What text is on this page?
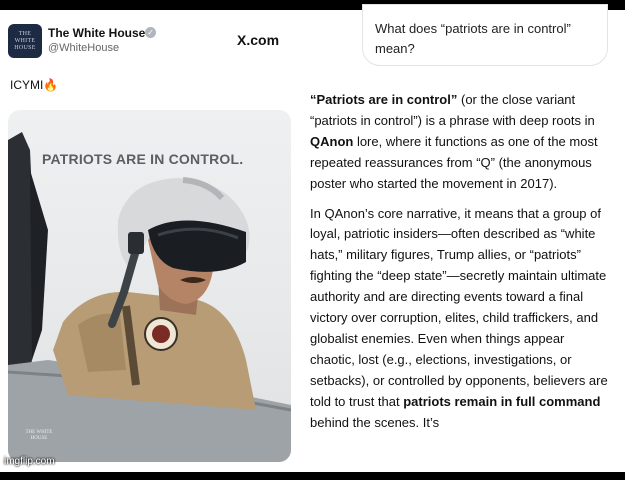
THE WHITE HOUSE
The White House ✓
@WhiteHouse	X.com
ICYMI🔥
PATRIOTS ARE IN CONTROL.
THE WHITE HOUSE
imgflip.com
What does “patriots are in control” mean?

“Patriots are in control” (or the close variant “patriots in control”) is a phrase with deep roots in QAnon lore, where it functions as one of the most repeated reassurances from “Q” (the anonymous poster who started the movement in 2017).

In QAnon’s core narrative, it means that a group of loyal, patriotic insiders—often described as “white hats,” military figures, Trump allies, or “patriots” fighting the “deep state”—secretly maintain ultimate authority and are directing events toward a final victory over corruption, elites, child traffickers, and globalist enemies. Even when things appear chaotic, lost (e.g., elections, investigations, or setbacks), or controlled by opponents, believers are told to trust that patriots remain in full command behind the scenes. It’s
